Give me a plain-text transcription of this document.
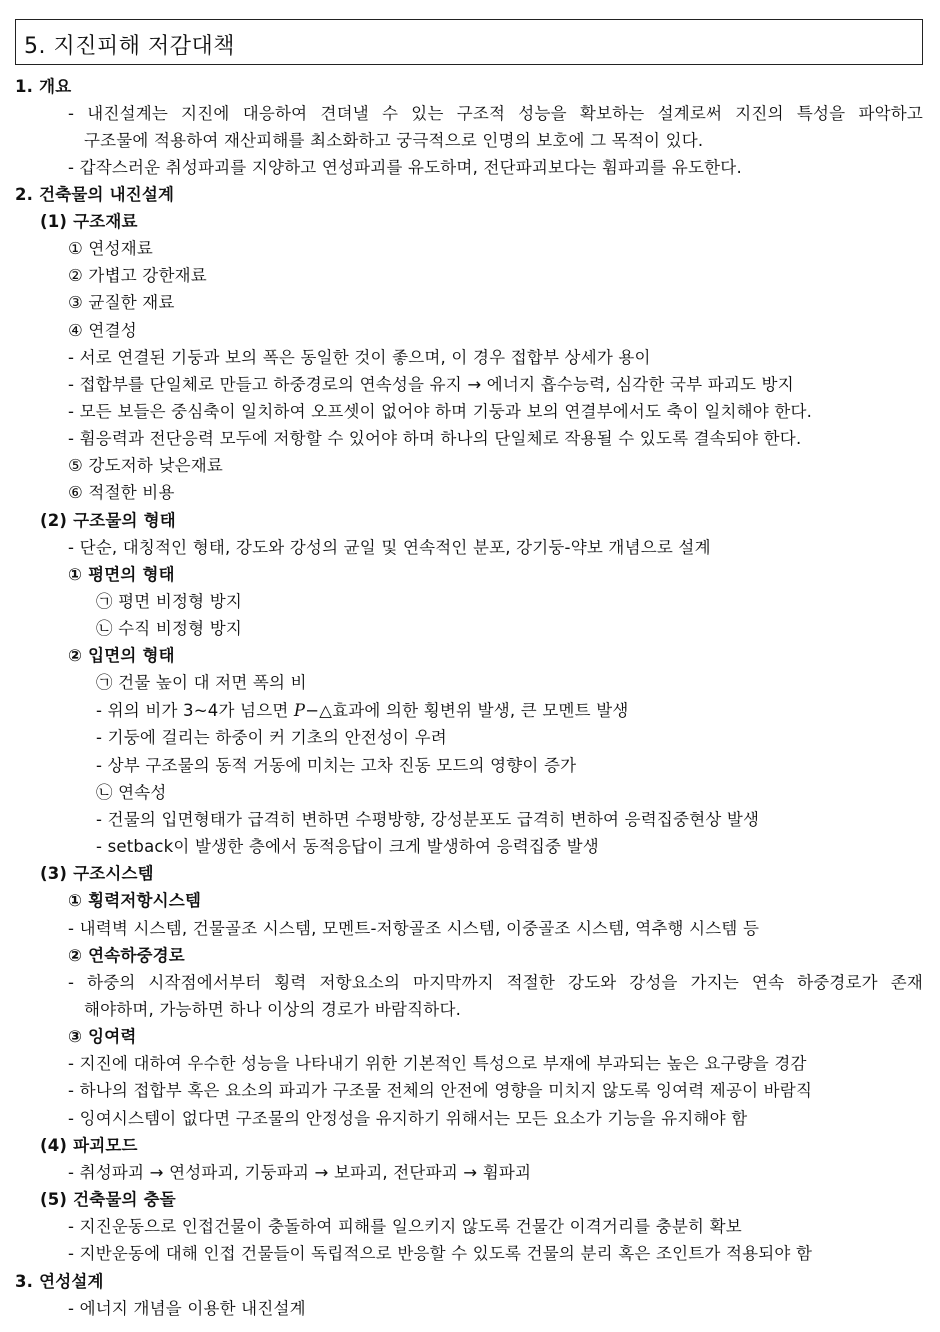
5. 지진피해 저감대책
1. 개요
- 내진설계는 지진에 대응하여 견뎌낼 수 있는 구조적 성능을 확보하는 설계로써 지진의 특성을 파악하고
구조물에 적용하여 재산피해를 최소화하고 궁극적으로 인명의 보호에 그 목적이 있다.
- 갑작스러운 취성파괴를 지양하고 연성파괴를 유도하며, 전단파괴보다는 휨파괴를 유도한다.
2. 건축물의 내진설계
(1) 구조재료
① 연성재료
② 가볍고 강한재료
③ 균질한 재료
④ 연결성
- 서로 연결된 기둥과 보의 폭은 동일한 것이 좋으며, 이 경우 접합부 상세가 용이
- 접합부를 단일체로 만들고 하중경로의 연속성을 유지 → 에너지 흡수능력, 심각한 국부 파괴도 방지
- 모든 보들은 중심축이 일치하여 오프셋이 없어야 하며 기둥과 보의 연결부에서도 축이 일치해야 한다.
- 휨응력과 전단응력 모두에 저항할 수 있어야 하며 하나의 단일체로 작용될 수 있도록 결속되야 한다.
⑤ 강도저하 낮은재료
⑥ 적절한 비용
(2) 구조물의 형태
- 단순, 대칭적인 형태, 강도와 강성의 균일 및 연속적인 분포, 강기둥-약보 개념으로 설계
① 평면의 형태
㉠ 평면 비정형 방지
㉡ 수직 비정형 방지
② 입면의 형태
㉠ 건물 높이 대 저면 폭의 비
- 위의 비가 3~4가 넘으면 P−△효과에 의한 횡변위 발생, 큰 모멘트 발생
- 기둥에 걸리는 하중이 커 기초의 안전성이 우려
- 상부 구조물의 동적 거동에 미치는 고차 진동 모드의 영향이 증가
㉡ 연속성
- 건물의 입면형태가 급격히 변하면 수평방향, 강성분포도 급격히 변하여 응력집중현상 발생
- setback이 발생한 층에서 동적응답이 크게 발생하여 응력집중 발생
(3) 구조시스템
① 횡력저항시스템
- 내력벽 시스템, 건물골조 시스템, 모멘트-저항골조 시스템, 이중골조 시스템, 역추행 시스템 등
② 연속하중경로
- 하중의 시작점에서부터 횡력 저항요소의 마지막까지 적절한 강도와 강성을 가지는 연속 하중경로가 존재
해야하며, 가능하면 하나 이상의 경로가 바람직하다.
③ 잉여력
- 지진에 대하여 우수한 성능을 나타내기 위한 기본적인 특성으로 부재에 부과되는 높은 요구량을 경감
- 하나의 접합부 혹은 요소의 파괴가 구조물 전체의 안전에 영향을 미치지 않도록 잉여력 제공이 바람직
- 잉여시스템이 없다면 구조물의 안정성을 유지하기 위해서는 모든 요소가 기능을 유지해야 함
(4) 파괴모드
- 취성파괴 → 연성파괴, 기둥파괴 → 보파괴, 전단파괴 → 휨파괴
(5) 건축물의 충돌
- 지진운동으로 인접건물이 충돌하여 피해를 일으키지 않도록 건물간 이격거리를 충분히 확보
- 지반운동에 대해 인접 건물들이 독립적으로 반응할 수 있도록 건물의 분리 혹은 조인트가 적용되야 함
3. 연성설계
- 에너지 개념을 이용한 내진설계
